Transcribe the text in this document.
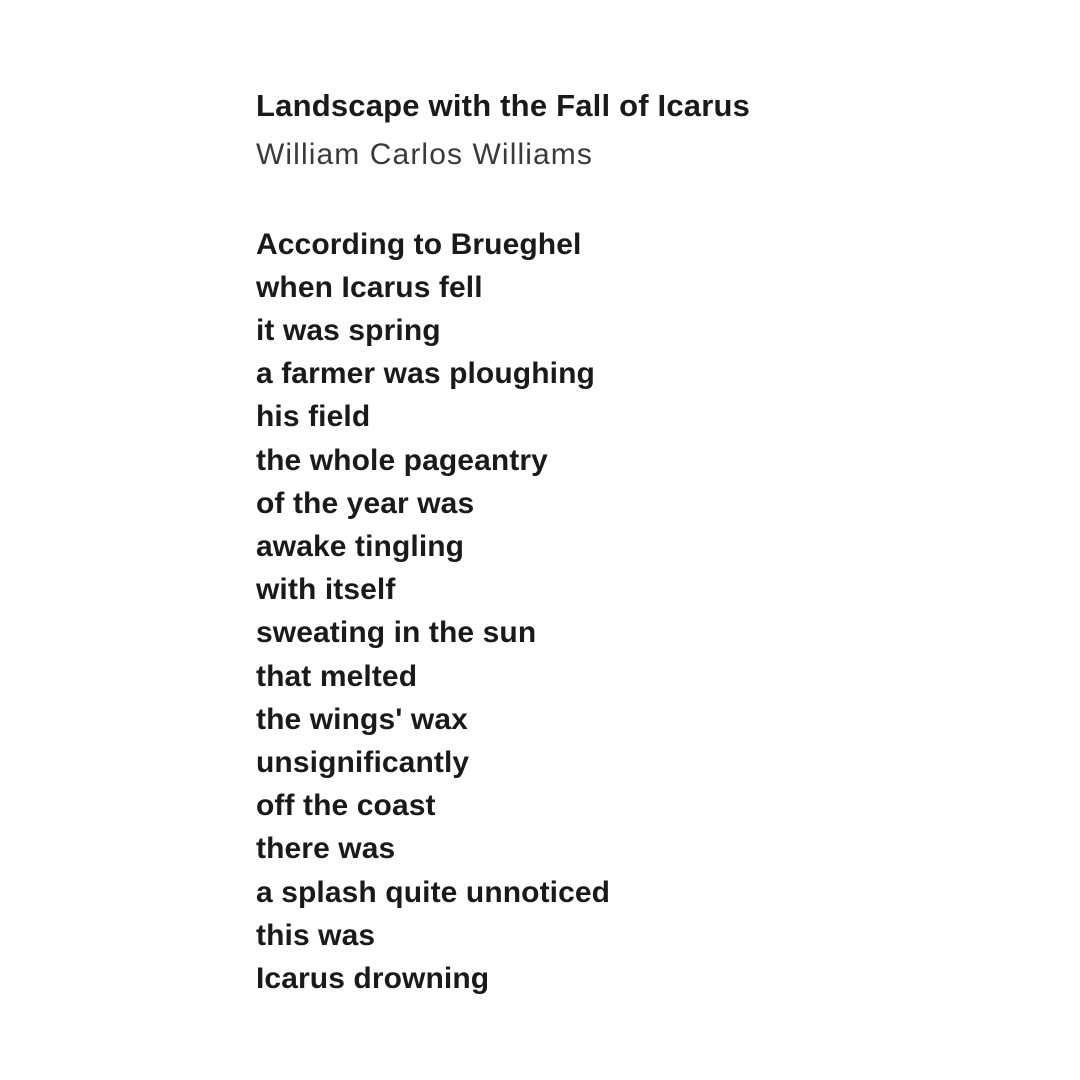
Landscape with the Fall of Icarus
William Carlos Williams
According to Brueghel
when Icarus fell
it was spring
a farmer was ploughing
his field
the whole pageantry
of the year was
awake tingling
with itself
sweating in the sun
that melted
the wings' wax
unsignificantly
off the coast
there was
a splash quite unnoticed
this was
Icarus drowning
